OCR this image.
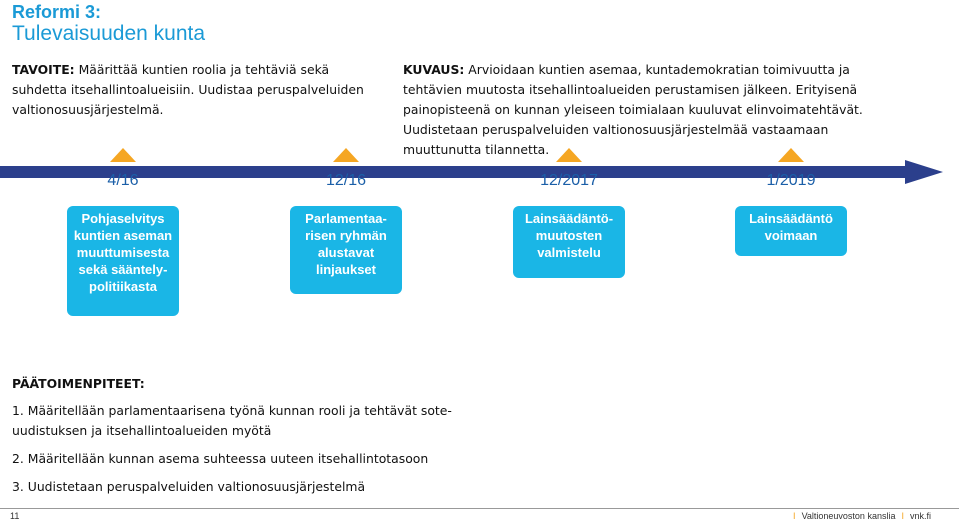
Reformi 3:
Tulevaisuuden kunta
TAVOITE: Määrittää kuntien roolia ja tehtäviä sekä suhdetta itsehallintoalueisiin. Uudistaa peruspalveluiden valtionosuusjärjestelmä.
KUVAUS: Arvioidaan kuntien asemaa, kuntademokratian toimivuutta ja tehtävien muutosta itsehallintoalueiden perustamisen jälkeen. Erityisenä painopisteenä on kunnan yleiseen toimialaan kuuluvat elinvoimatehtävät. Uudistetaan peruspalveluiden valtionosuusjärjestelmää vastaamaan muuttunutta tilannetta.
4/16	12/16	12/2017	1/2019
Pohjaselvitys kuntien aseman muuttumisesta sekä sääntely-politiikasta
Parlamentaa-risen ryhmän alustavat linjaukset
Lainsäädäntö-muutosten valmistelu
Lainsäädäntö voimaan
PÄÄTOIMENPITEET:
1. Määritellään parlamentaarisena työnä kunnan rooli ja tehtävät sote-uudistuksen ja itsehallintoalueiden myötä
2. Määritellään kunnan asema suhteessa uuteen itsehallintotasoon
3. Uudistetaan peruspalveluiden valtionosuusjärjestelmä
11	I Valtioneuvoston kanslia I vnk.fi
